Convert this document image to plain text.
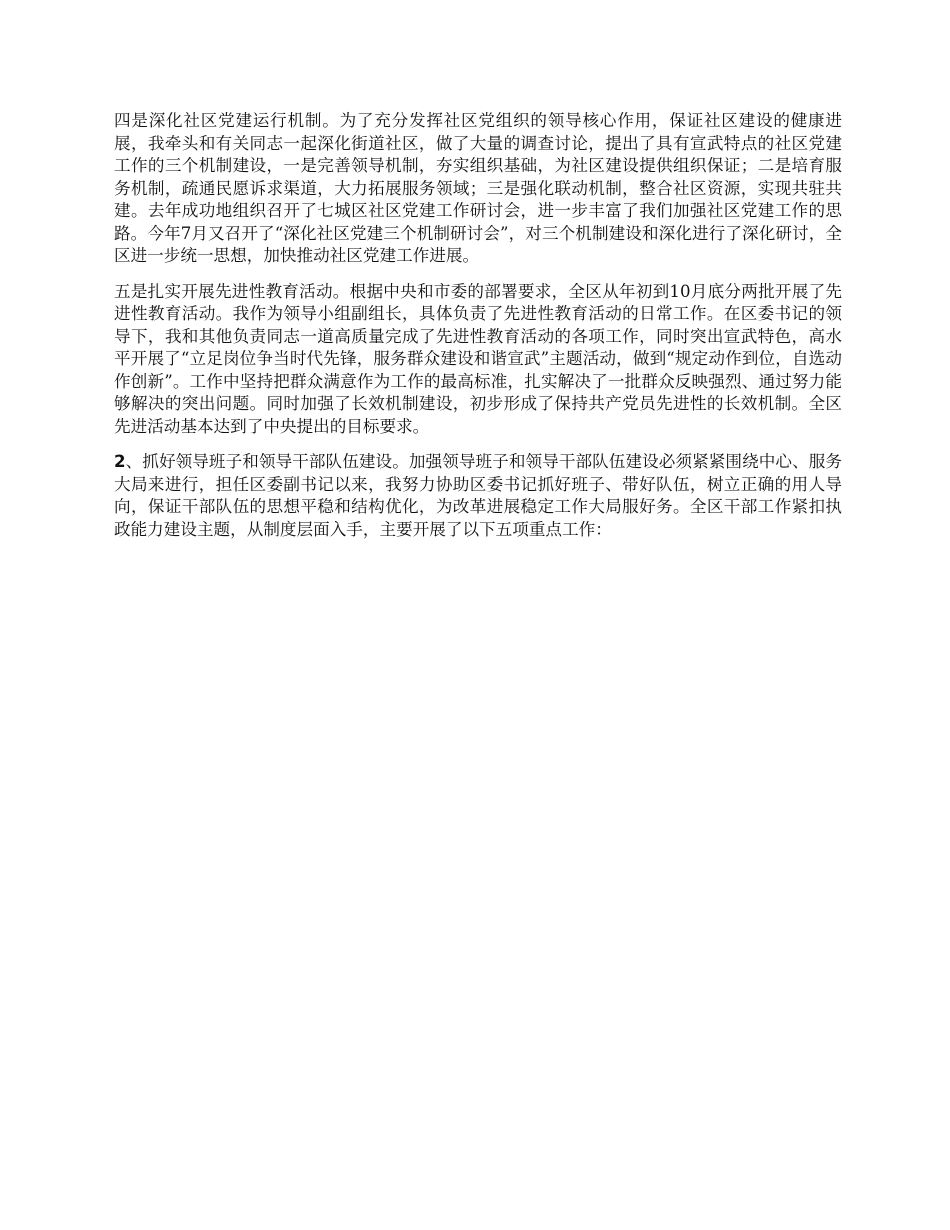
四是深化社区党建运行机制。为了充分发挥社区党组织的领导核心作用，保证社区建设的健康进展，我牵头和有关同志一起深化街道社区，做了大量的调查讨论，提出了具有宣武特点的社区党建工作的三个机制建设，一是完善领导机制，夯实组织基础，为社区建设提供组织保证；二是培育服务机制，疏通民愿诉求渠道，大力拓展服务领域；三是强化联动机制，整合社区资源，实现共驻共建。去年成功地组织召开了七城区社区党建工作研讨会，进一步丰富了我们加强社区党建工作的思路。今年7月又召开了“深化社区党建三个机制研讨会”，对三个机制建设和深化进行了深化研讨，全区进一步统一思想，加快推动社区党建工作进展。

五是扎实开展先进性教育活动。根据中央和市委的部署要求，全区从年初到10月底分两批开展了先进性教育活动。我作为领导小组副组长，具体负责了先进性教育活动的日常工作。在区委书记的领导下，我和其他负责同志一道高质量完成了先进性教育活动的各项工作，同时突出宣武特色，高水平开展了“立足岗位争当时代先锋，服务群众建设和谐宣武”主题活动，做到“规定动作到位，自选动作创新”。工作中坚持把群众满意作为工作的最高标准，扎实解决了一批群众反映强烈、通过努力能够解决的突出问题。同时加强了长效机制建设，初步形成了保持共产党员先进性的长效机制。全区先进活动基本达到了中央提出的目标要求。

2、抓好领导班子和领导干部队伍建设。加强领导班子和领导干部队伍建设必须紧紧围绕中心、服务大局来进行，担任区委副书记以来，我努力协助区委书记抓好班子、带好队伍，树立正确的用人导向，保证干部队伍的思想平稳和结构优化，为改革进展稳定工作大局服好务。全区干部工作紧扣执政能力建设主题，从制度层面入手，主要开展了以下五项重点工作：
